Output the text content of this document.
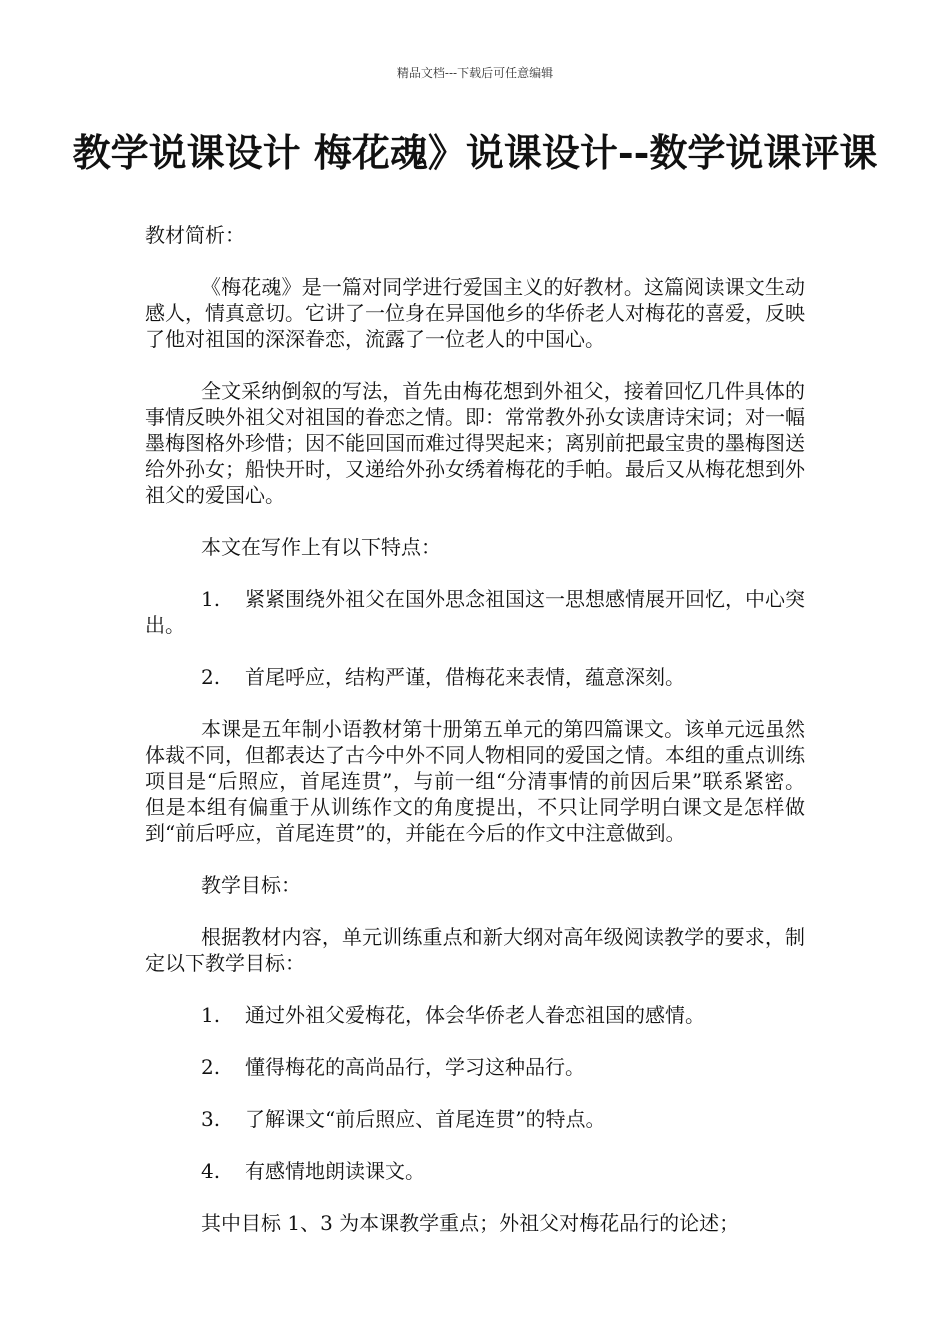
精品文档---下载后可任意编辑
教学说课设计 梅花魂》说课设计--数学说课评课

教材简析：

《梅花魂》是一篇对同学进行爱国主义的好教材。这篇阅读课文生动感人，情真意切。它讲了一位身在异国他乡的华侨老人对梅花的喜爱，反映了他对祖国的深深眷恋，流露了一位老人的中国心。

全文采纳倒叙的写法，首先由梅花想到外祖父，接着回忆几件具体的事情反映外祖父对祖国的眷恋之情。即：常常教外孙女读唐诗宋词；对一幅墨梅图格外珍惜；因不能回国而难过得哭起来；离别前把最宝贵的墨梅图送给外孙女；船快开时，又递给外孙女绣着梅花的手帕。最后又从梅花想到外祖父的爱国心。

本文在写作上有以下特点：

1. 紧紧围绕外祖父在国外思念祖国这一思想感情展开回忆，中心突出。

2. 首尾呼应，结构严谨，借梅花来表情，蕴意深刻。

本课是五年制小语教材第十册第五单元的第四篇课文。该单元远虽然体裁不同，但都表达了古今中外不同人物相同的爱国之情。本组的重点训练项目是“后照应，首尾连贯”，与前一组“分清事情的前因后果”联系紧密。但是本组有偏重于从训练作文的角度提出，不只让同学明白课文是怎样做到“前后呼应，首尾连贯”的，并能在今后的作文中注意做到。

教学目标：

根据教材内容，单元训练重点和新大纲对高年级阅读教学的要求，制定以下教学目标：

1. 通过外祖父爱梅花，体会华侨老人眷恋祖国的感情。

2. 懂得梅花的高尚品行，学习这种品行。

3. 了解课文“前后照应、首尾连贯”的特点。

4. 有感情地朗读课文。

其中目标 1、3 为本课教学重点；外祖父对梅花品行的论述；
